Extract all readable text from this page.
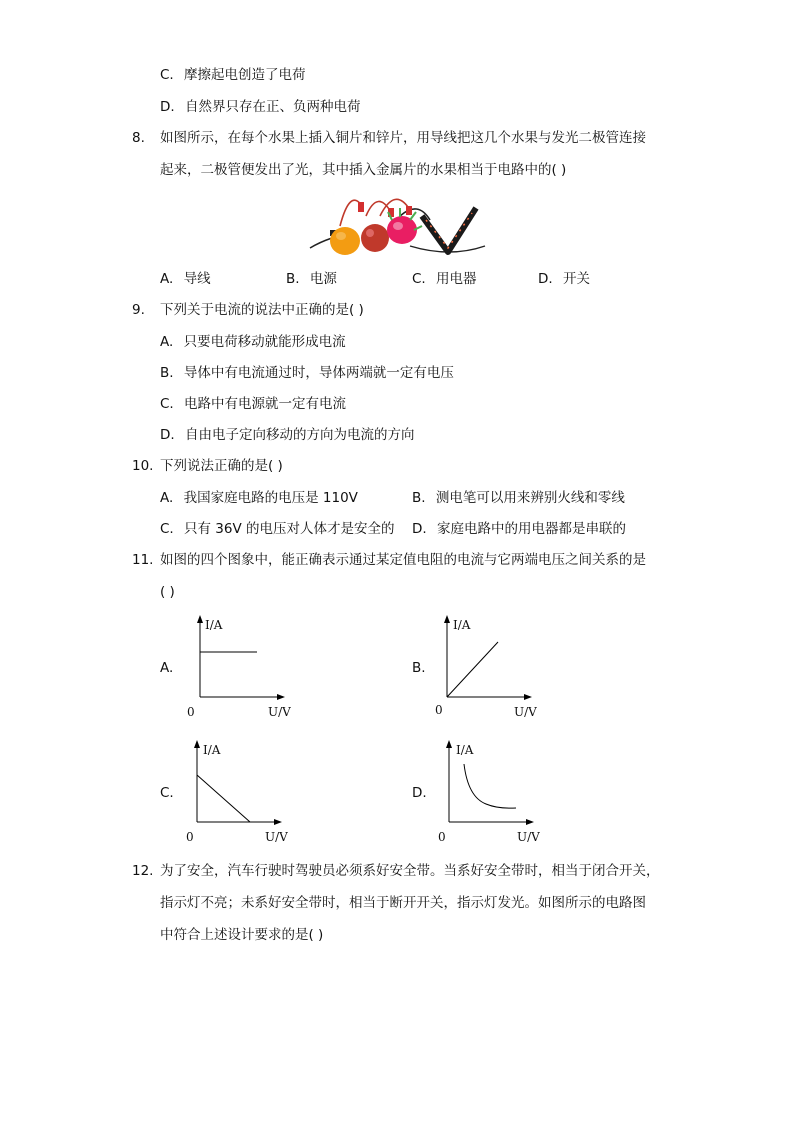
C. 摩擦起电创造了电荷
D. 自然界只存在正、负两种电荷
8. 如图所示，在每个水果上插入铜片和锌片，用导线把这几个水果与发光二极管连接
起来，二极管便发出了光，其中插入金属片的水果相当于电路中的( )
A. 导线	B. 电源	C. 用电器	D. 开关
9. 下列关于电流的说法中正确的是( )
A. 只要电荷移动就能形成电流
B. 导体中有电流通过时，导体两端就一定有电压
C. 电路中有电源就一定有电流
D. 自由电子定向移动的方向为电流的方向
10. 下列说法正确的是( )
A. 我国家庭电路的电压是 110V	B. 测电笔可以用来辨别火线和零线
C. 只有 36V 的电压对人体才是安全的 D. 家庭电路中的用电器都是串联的
11. 如图的四个图象中，能正确表示通过某定值电阻的电流与它两端电压之间关系的是
( )
A.
I/A
U/V
0
B.
I/A
U/V
0
C.
I/A
U/V
0
D.
I/A
U/V
0
12. 为了安全，汽车行驶时驾驶员必须系好安全带。当系好安全带时，相当于闭合开关，
指示灯不亮；未系好安全带时，相当于断开开关，指示灯发光。如图所示的电路图
中符合上述设计要求的是( )
